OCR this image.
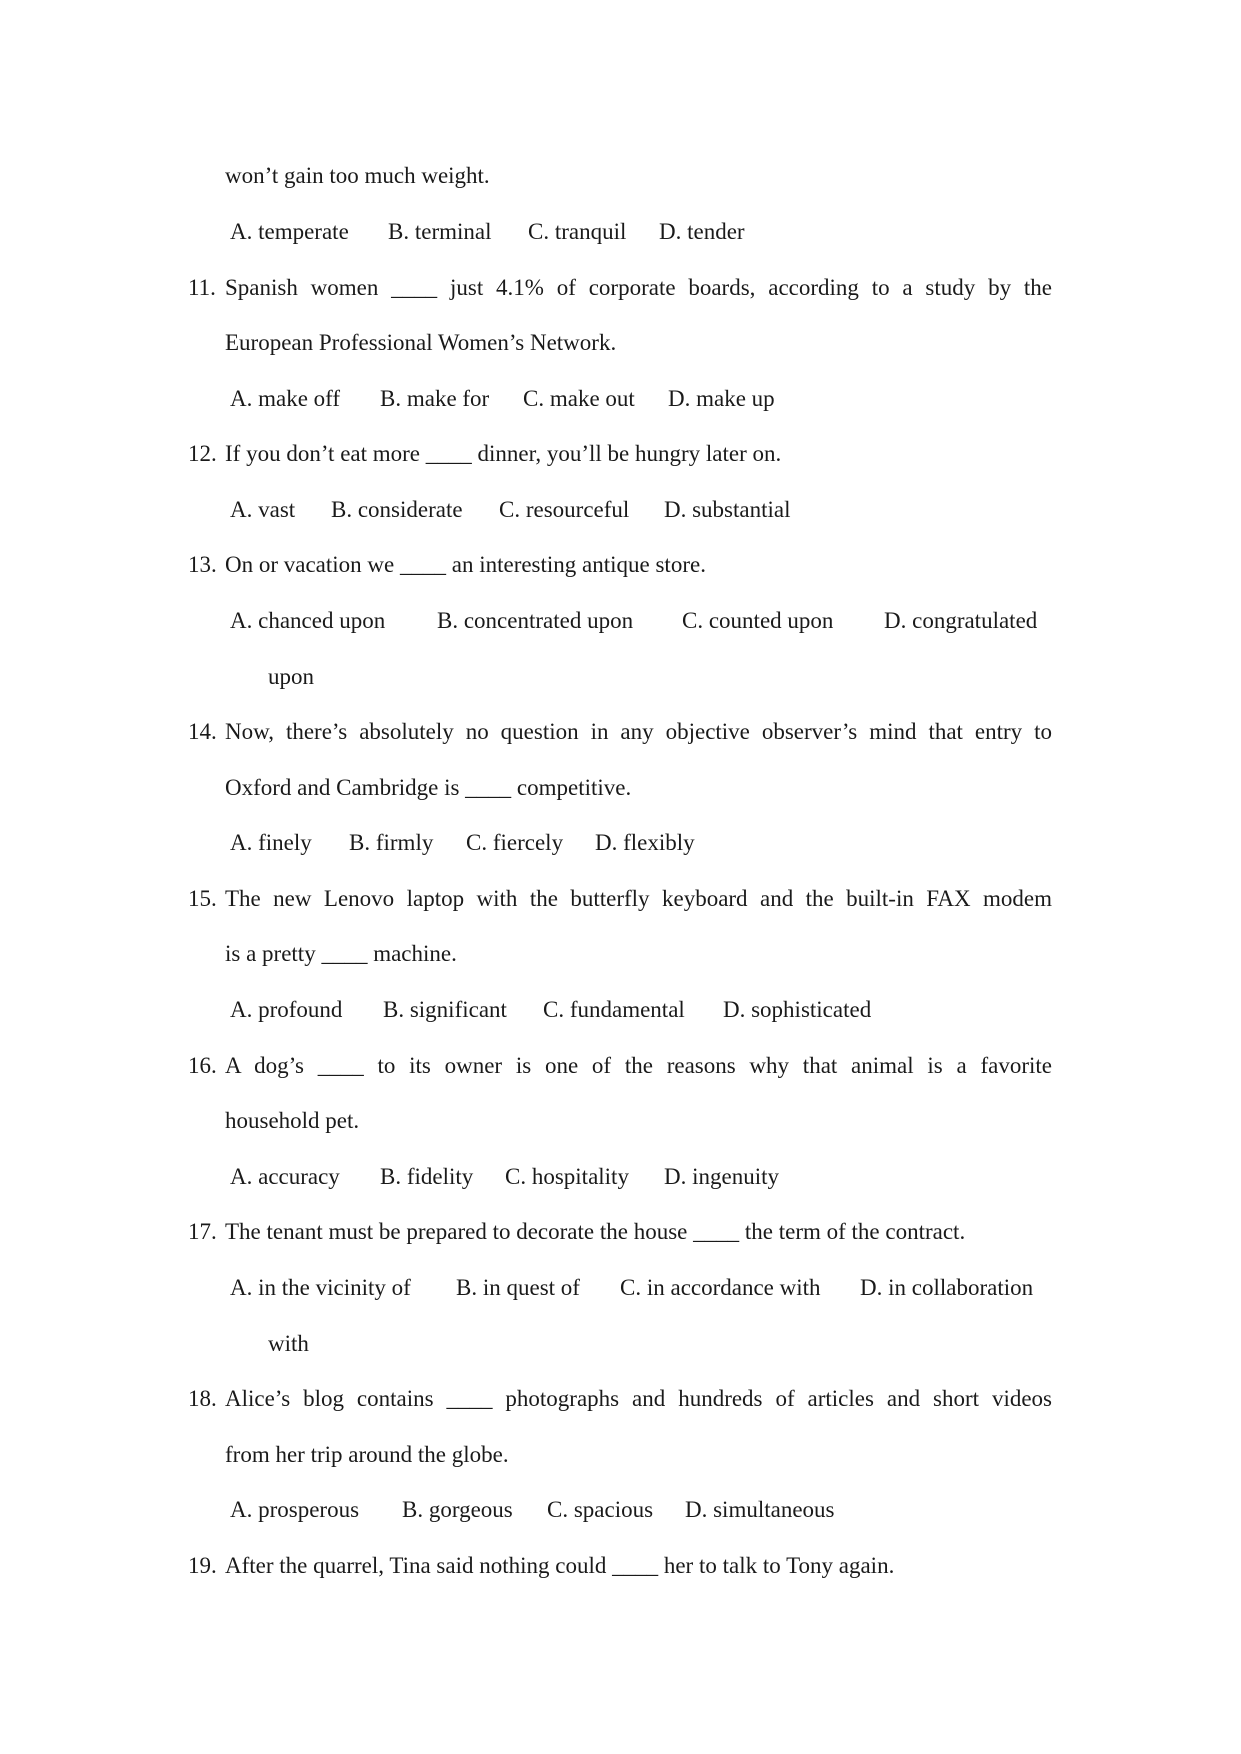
won’t gain too much weight.
A. temperate B. terminal C. tranquil D. tender
11. Spanish women ____ just 4.1% of corporate boards, according to a study by the
European Professional Women’s Network.
A. make off B. make for C. make out D. make up
12. If you don’t eat more ____ dinner, you’ll be hungry later on.
A. vast B. considerate C. resourceful D. substantial
13. On or vacation we ____ an interesting antique store.
A. chanced upon B. concentrated upon C. counted upon D. congratulated
upon
14. Now, there’s absolutely no question in any objective observer’s mind that entry to
Oxford and Cambridge is ____ competitive.
A. finely B. firmly C. fiercely D. flexibly
15. The new Lenovo laptop with the butterfly keyboard and the built-in FAX modem
is a pretty ____ machine.
A. profound B. significant C. fundamental D. sophisticated
16. A dog’s ____ to its owner is one of the reasons why that animal is a favorite
household pet.
A. accuracy B. fidelity C. hospitality D. ingenuity
17. The tenant must be prepared to decorate the house ____ the term of the contract.
A. in the vicinity of B. in quest of C. in accordance with D. in collaboration
with
18. Alice’s blog contains ____ photographs and hundreds of articles and short videos
from her trip around the globe.
A. prosperous B. gorgeous C. spacious D. simultaneous
19. After the quarrel, Tina said nothing could ____ her to talk to Tony again.
